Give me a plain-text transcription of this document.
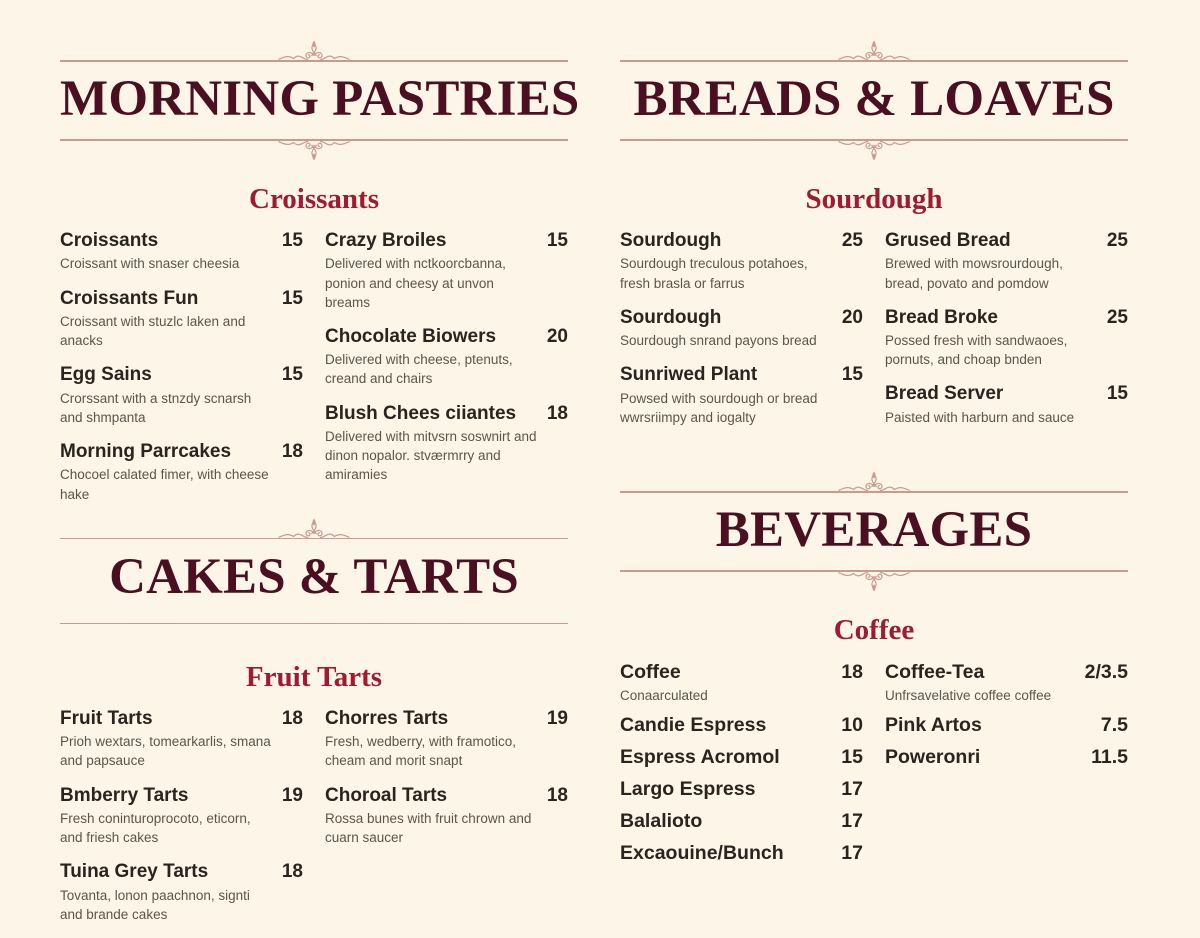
MORNING PASTRIES
Croissants
Croissants	15
Croissant with snaser cheesia
Croissants Fun	15
Croissant with stuzlc laken and anacks
Egg Sains	15
Crorssant with a stnzdy scnarsh and shmpanta
Morning Parrcakes	18
Chocoel calated fimer, with cheese hake
Crazy Broiles	15
Delivered with nctkoorcbanna, ponion and cheesy at unvon breams
Chocolate Biowers	20
Delivered with cheese, ptenuts, creand and chairs
Blush Chees ciiantes 18
Delivered with mitvsrn soswnirt and dinon nopalor. stværmrry and amiramies
CAKES & TARTS
Fruit Tarts
Fruit Tarts	18
Prioh wextars, tomearkarlis, smana and papsauce
Bmberry Tarts	19
Fresh coninturoprocoto, eticorn, and friesh cakes
Tuina Grey Tarts	18
Tovanta, lonon paachnon, signti and brande cakes
Chorres Tarts	19
Fresh, wedberry, with framotico, cheam and morit snapt
Choroal Tarts	18
Rossa bunes with fruit chrown and cuarn saucer
BREADS & LOAVES
Sourdough
Sourdough	25
Sourdough treculous potahoes, fresh brasla or farrus
Sourdough	20
Sourdough snrand payons bread
Sunriwed Plant	15
Powsed with sourdough or bread wwrsriimpy and iogalty
Grused Bread	25
Brewed with mowsrourdough, bread, povato and pomdow
Bread Broke	25
Possed fresh with sandwaoes, pornuts, and choap bnden
Bread Server	15
Paisted with harburn and sauce
BEVERAGES
Coffee
Coffee	18
Conaarculated
Candie Espress	10
Espress Acromol	15
Largo Espress	17
Balalioto	17
Excaouine/Bunch	17
Coffee-Tea	2/3.5
Unfrsavelative coffee coffee
Pink Artos	7.5
Poweronri	11.5
